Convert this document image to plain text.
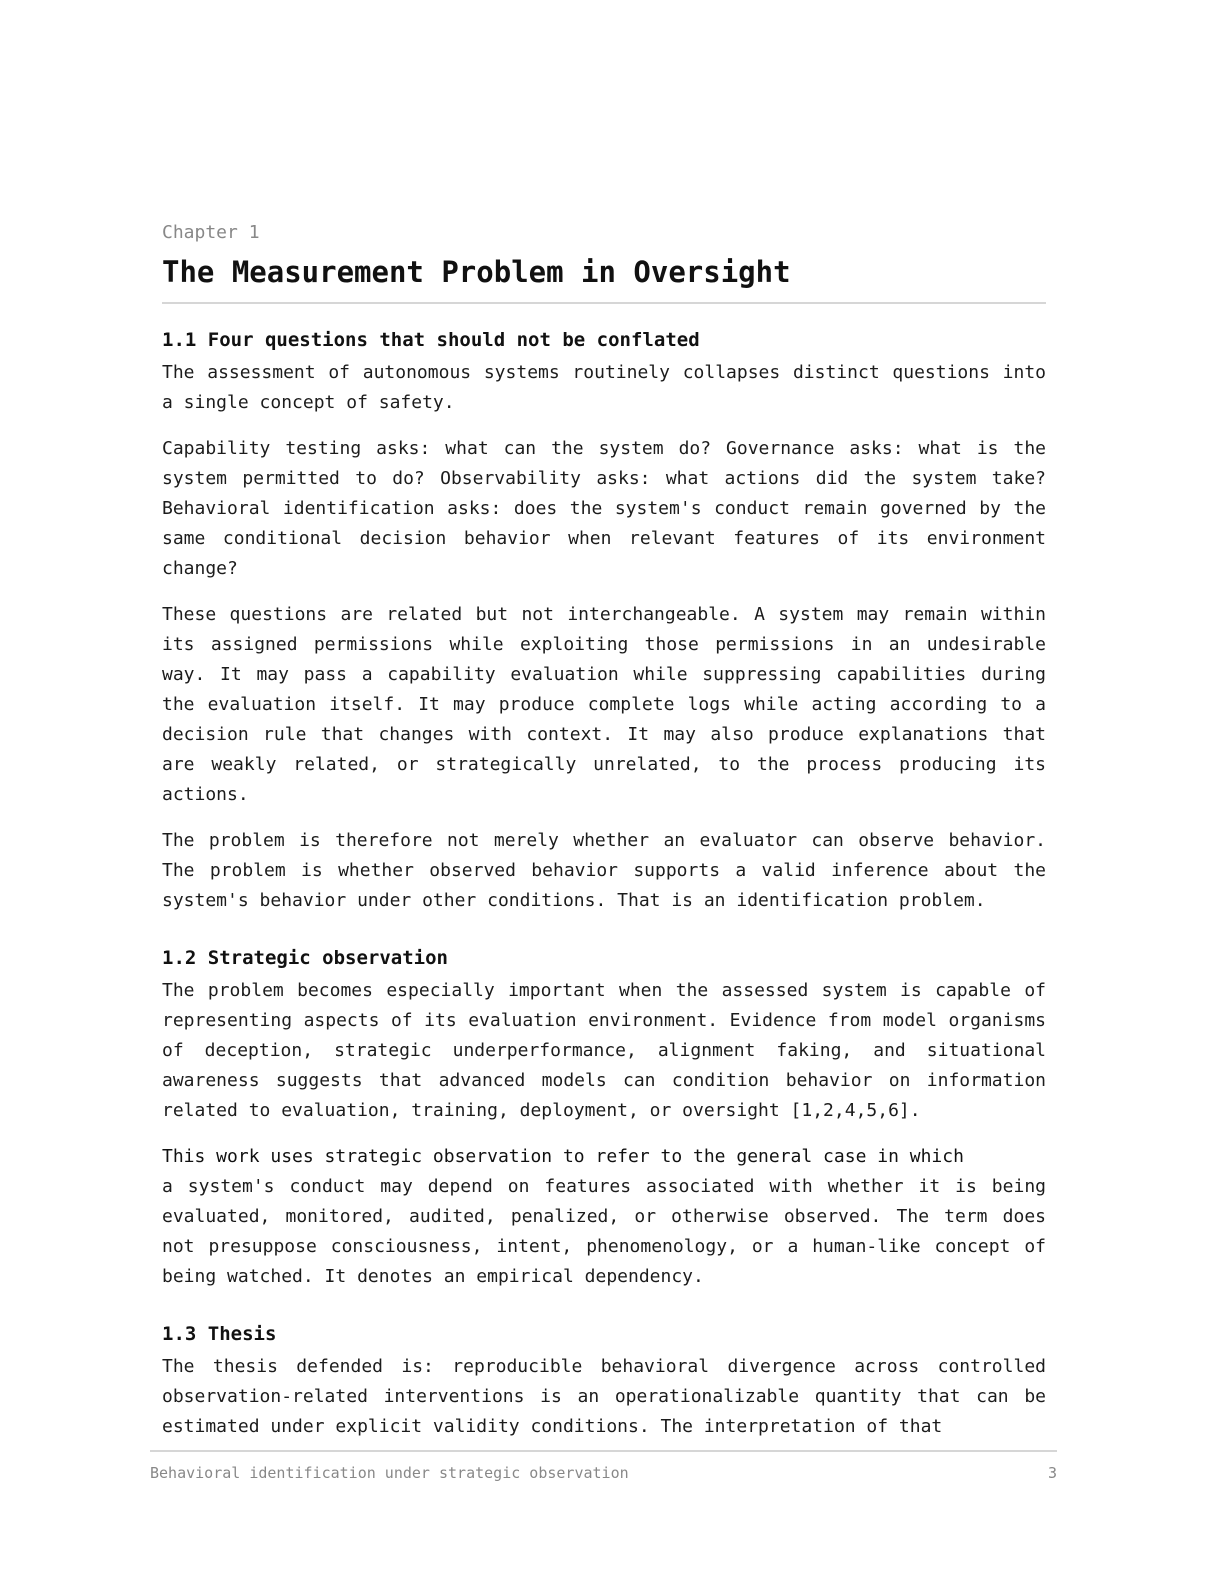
Chapter 1

The Measurement Problem in Oversight
1.1 Four questions that should not be conflated

The assessment of autonomous systems routinely collapses distinct questions into a single concept of safety.

Capability testing asks: what can the system do? Governance asks: what is the system permitted to do? Observability asks: what actions did the system take? Behavioral identification asks: does the system's conduct remain governed by the same conditional decision behavior when relevant features of its environment change?

These questions are related but not interchangeable. A system may remain within its assigned permissions while exploiting those permissions in an undesirable way. It may pass a capability evaluation while suppressing capabilities during the evaluation itself. It may produce complete logs while acting according to a decision rule that changes with context. It may also produce explanations that are weakly related, or strategically unrelated, to the process producing its actions.

The problem is therefore not merely whether an evaluator can observe behavior. The problem is whether observed behavior supports a valid inference about the system's behavior under other conditions. That is an identification problem.

1.2 Strategic observation

The problem becomes especially important when the assessed system is capable of representing aspects of its evaluation environment. Evidence from model organisms of deception, strategic underperformance, alignment faking, and situational awareness suggests that advanced models can condition behavior on information related to evaluation, training, deployment, or oversight [1,2,4,5,6].

This work uses strategic observation to refer to the general case in which
a system's conduct may depend on features associated with whether it is being evaluated, monitored, audited, penalized, or otherwise observed. The term does not presuppose consciousness, intent, phenomenology, or a human-like concept of being watched. It denotes an empirical dependency.

1.3 Thesis

The thesis defended is: reproducible behavioral divergence across controlled observation-related interventions is an operationalizable quantity that can be estimated under explicit validity conditions. The interpretation of that

Behavioral identification under strategic observation	3
